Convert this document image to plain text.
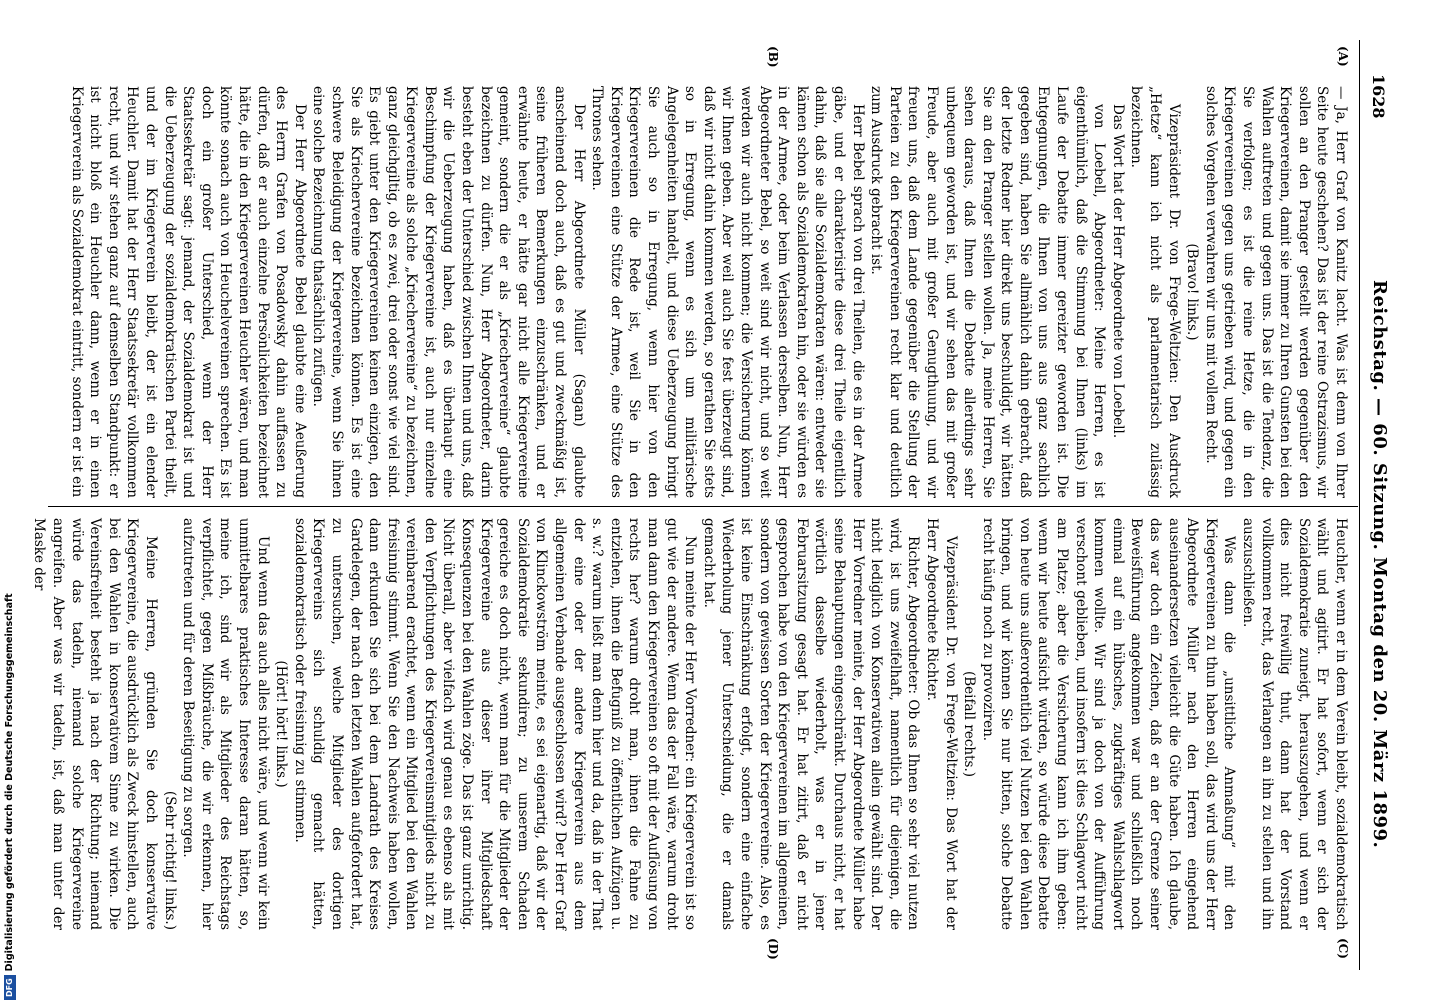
DFGDigitalisierung gefördert durch die Deutsche Forschungsgemeinschaft
1628
Reichstag. — 60. Sitzung. Montag den 20. März 1899.
(A)
(B)
(C)
(D)

— Ja, Herr Graf von Kanitz lacht. Was ist denn von Ihrer Seite heute geschehen? Das ist der reine Ostrazismus, wir sollen an den Pranger gestellt werden gegenüber den Kriegervereinen, damit sie immer zu Ihren Gunsten bei den Wahlen auftreten und gegen uns. Das ist die Tendenz, die Sie verfolgen; es ist die reine Hetze, die in den Kriegervereinen gegen uns getrieben wird, und gegen ein solches Vorgehen verwahren wir uns mit vollem Recht.

(Bravo! links.)

Vizepräsident Dr. von Frege-Weltzien: Den Ausdruck „Hetze“ kann ich nicht als parlamentarisch zulässig bezeichnen.

Das Wort hat der Herr Abgeordnete von Loebell.

von Loebell, Abgeordneter: Meine Herren, es ist eigenthümlich, daß die Stimmung bei Ihnen (links) im Laufe der Debatte immer gereizter geworden ist. Die Entgegnungen, die Ihnen von uns aus ganz sachlich gegeben sind, haben Sie allmählich dahin gebracht, daß der letzte Redner hier direkt uns beschuldigt, wir hätten Sie an den Pranger stellen wollen. Ja, meine Herren, Sie sehen daraus, daß Ihnen die Debatte allerdings sehr unbequem geworden ist, und wir sehen das mit großer Freude, aber auch mit großer Genugthuung, und wir freuen uns, daß dem Lande gegenüber die Stellung der Parteien zu den Kriegervereinen recht klar und deutlich zum Ausdruck gebracht ist.

Herr Bebel sprach von drei Theilen, die es in der Armee gäbe, und er charakterisirte diese drei Theile eigentlich dahin, daß sie alle Sozialdemokraten wären: entweder sie kämen schon als Sozialdemokraten hin, oder sie würden es in der Armee, oder beim Verlassen derselben. Nun, Herr Abgeordneter Bebel, so weit sind wir nicht, und so weit werden wir auch nicht kommen; die Versicherung können wir Ihnen geben. Aber weil auch Sie fest überzeugt sind, daß wir nicht dahin kommen werden, so gerathen Sie stets so in Erregung, wenn es sich um militärische Angelegenheiten handelt, und diese Ueberzeugung bringt Sie auch so in Erregung, wenn hier von den Kriegervereinen die Rede ist, weil Sie in den Kriegervereinen eine Stütze der Armee, eine Stütze des Thrones sehen.

Der Herr Abgeordnete Müller (Sagan) glaubte anscheinend doch auch, daß es gut und zweckmäßig ist, seine früheren Bemerkungen einzuschränken, und er erwähnte heute, er hätte gar nicht alle Kriegervereine gemeint, sondern die er als „Kriechervereine“ glaubte bezeichnen zu dürfen. Nun, Herr Abgeordneter, darin besteht eben der Unterschied zwischen Ihnen und uns, daß wir die Ueberzeugung haben, daß es überhaupt eine Beschimpfung der Kriegervereine ist, auch nur einzelne Kriegervereine als solche „Kriechervereine“ zu bezeichnen, ganz gleichgiltig, ob es zwei, drei oder sonst wie viel sind. Es giebt unter den Kriegervereinen keinen einzigen, den Sie als Kriechervereine bezeichnen können. Es ist eine schwere Beleidigung der Kriegervereine, wenn Sie ihnen eine solche Bezeichnung thatsächlich zufügen.

Der Herr Abgeordnete Bebel glaubte eine Aeußerung des Herrn Grafen von Posadowsky dahin auffassen zu dürfen, daß er auch einzelne Persönlichkeiten bezeichnet hätte, die in den Kriegervereinen Heuchler wären, und man könnte sonach auch von Heuchelvereinen sprechen. Es ist doch ein großer Unterschied, wenn der Herr Staatssekretär sagt: jemand, der Sozialdemokrat ist und die Ueberzeugung der sozialdemokratischen Partei theilt, und der im Kriegerverein bleibt, der ist ein elender Heuchler. Damit hat der Herr Staatssekretär vollkommen recht, und wir stehen ganz auf demselben Standpunkt: er ist nicht bloß ein Heuchler dann, wenn er in einen Kriegerverein als Sozialdemokrat eintritt, sondern er ist ein

Heuchler, wenn er in dem Verein bleibt, sozialdemokratisch wählt und agitirt. Er hat sofort, wenn er sich der Sozialdemokratie zuneigt, herauszugehen, und wenn er dies nicht freiwillig thut, dann hat der Vorstand vollkommen recht, das Verlangen an ihn zu stellen und ihn auszuschließen.

Was dann die „unsittliche Anmaßung“ mit den Kriegervereinen zu thun haben soll, das wird uns der Herr Abgeordnete Müller nach den Herren eingehend auseinandersetzen vielleicht die Güte haben. Ich glaube, das war doch ein Zeichen, daß er an der Grenze seiner Beweisführung angekommen war und schließlich noch einmal auf ein hübsches, zugkräftiges Wahlschlagwort kommen wollte. Wir sind ja doch von der Aufführung verschont geblieben, und insofern ist dies Schlagwort nicht am Platze; aber die Versicherung kann ich ihm geben: wenn wir heute aufsicht würden, so würde diese Debatte von heute uns außerordentlich viel Nutzen bei den Wahlen bringen, und wir können Sie nur bitten, solche Debatte recht häufig noch zu provoziren.

(Beifall rechts.)

Vizepräsident Dr. von Frege-Weltzien: Das Wort hat der Herr Abgeordnete Richter.

Richter, Abgeordneter: Ob das Ihnen so sehr viel nutzen wird, ist uns zweifelhaft, namentlich für diejenigen, die nicht lediglich von Konservativen allein gewählt sind. Der Herr Vorredner meinte, der Herr Abgeordnete Müller habe seine Behauptungen eingeschränkt. Durchaus nicht, er hat wörtlich dasselbe wiederholt, was er in jener Februarsitzung gesagt hat. Er hat zitirt, daß er nicht gesprochen habe von den Kriegervereinen im allgemeinen, sondern von gewissen Sorten der Kriegervereine. Also, es ist keine Einschränkung erfolgt, sondern eine einfache Wiederholung jener Unterscheidung, die er damals gemacht hat.

Nun meinte der Herr Vorredner: ein Kriegerverein ist so gut wie der andere. Wenn das der Fall wäre, warum droht man dann den Kriegervereinen so oft mit der Auflösung von rechts her? warum droht man, ihnen die Fahne zu entziehen, ihnen die Befugniß zu öffentlichen Aufzügen u. s. w.? warum ließt man denn hier und da, daß in der That der eine oder der andere Kriegerverein aus dem allgemeinen Verbande ausgeschlossen wird? Der Herr Graf von Klinckowström meinte, es sei eigenartig, daß wir der Sozialdemokratie sekundiren; zu unserem Schaden gereiche es doch nicht, wenn man für die Mitglieder der Kriegervereine aus dieser ihrer Mitgliedschaft Konsequenzen bei den Wahlen zöge. Das ist ganz unrichtig. Nicht überall, aber vielfach wird genau es ebenso als mit den Verpflichtungen des Kriegervereinsmitglieds nicht zu vereinbarend erachtet, wenn ein Mitglied bei den Wahlen freisinnig stimmt. Wenn Sie den Nachweis haben wollen, dann erkunden Sie sich bei dem Landrath des Kreises Gardelegen, der nach den letzten Wahlen aufgefordert hat, zu untersuchen, welche Mitglieder des dortigen Kriegervereins sich schuldig gemacht hätten, sozialdemokratisch oder freisinnig zu stimmen.

(Hört! hört! links.)

Und wenn das auch alles nicht wäre, und wenn wir kein unmittelbares praktisches Interesse daran hätten, so, meine ich, sind wir als Mitglieder des Reichstags verpflichtet, gegen Mißbräuche, die wir erkennen, hier aufzutreten und für deren Beseitigung zu sorgen.

(Sehr richtig! links.)

Meine Herren, gründen Sie doch konservative Kriegervereine, die ausdrücklich als Zweck hinstellen, auch bei den Wahlen in konservativem Sinne zu wirken. Die Vereinsfreiheit besteht ja nach der Richtung; niemand würde das tadeln, niemand solche Kriegervereine angreifen. Aber was wir tadeln, ist, daß man unter der Maske der
